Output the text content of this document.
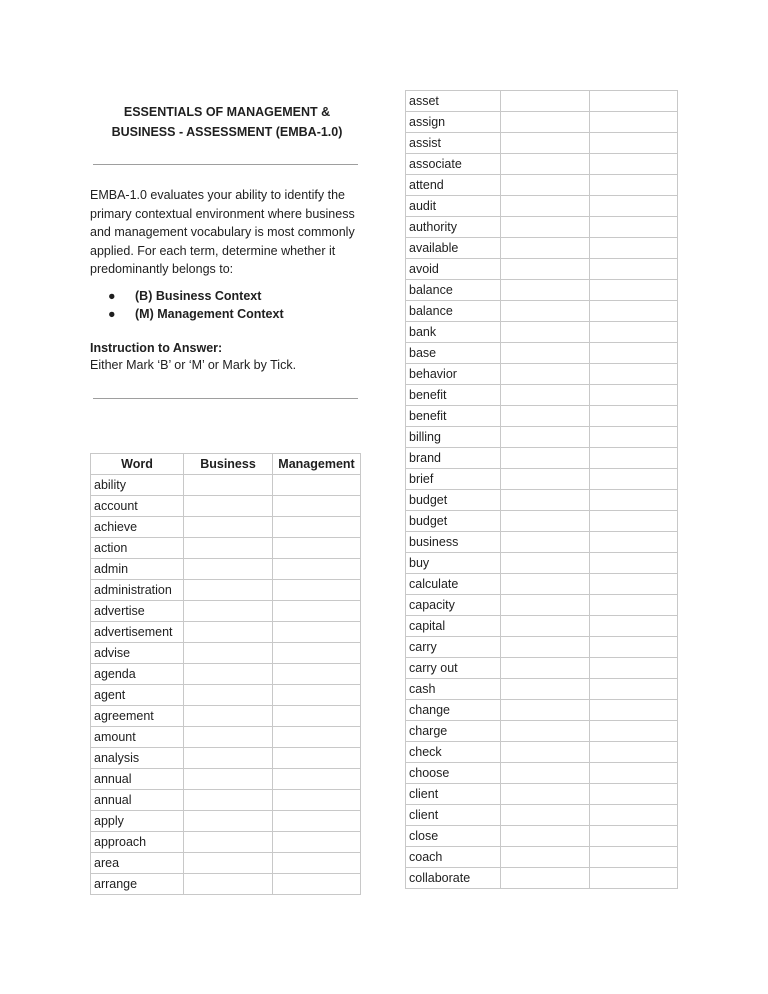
ESSENTIALS OF MANAGEMENT & BUSINESS - ASSESSMENT (EMBA-1.0)

EMBA-1.0 evaluates your ability to identify the primary contextual environment where business and management vocabulary is most commonly applied. For each term, determine whether it predominantly belongs to:

●	(B) Business Context
●	(M) Management Context

Instruction to Answer:
Either Mark ‘B’ or ‘M’ or Mark by Tick.

Word	Business	Management
ability		
account		
achieve		
action		
admin		
administration		
advertise		
advertisement		
advise		
agenda		
agent		
agreement		
amount		
analysis		
annual		
annual		
apply		
approach		
area		
arrange		
asset		
assign		
assist		
associate		
attend		
audit		
authority		
available		
avoid		
balance		
balance		
bank		
base		
behavior		
benefit		
benefit		
billing		
brand		
brief		
budget		
budget		
business		
buy		
calculate		
capacity		
capital		
carry		
carry out		
cash		
change		
charge		
check		
choose		
client		
client		
close		
coach		
collaborate		
